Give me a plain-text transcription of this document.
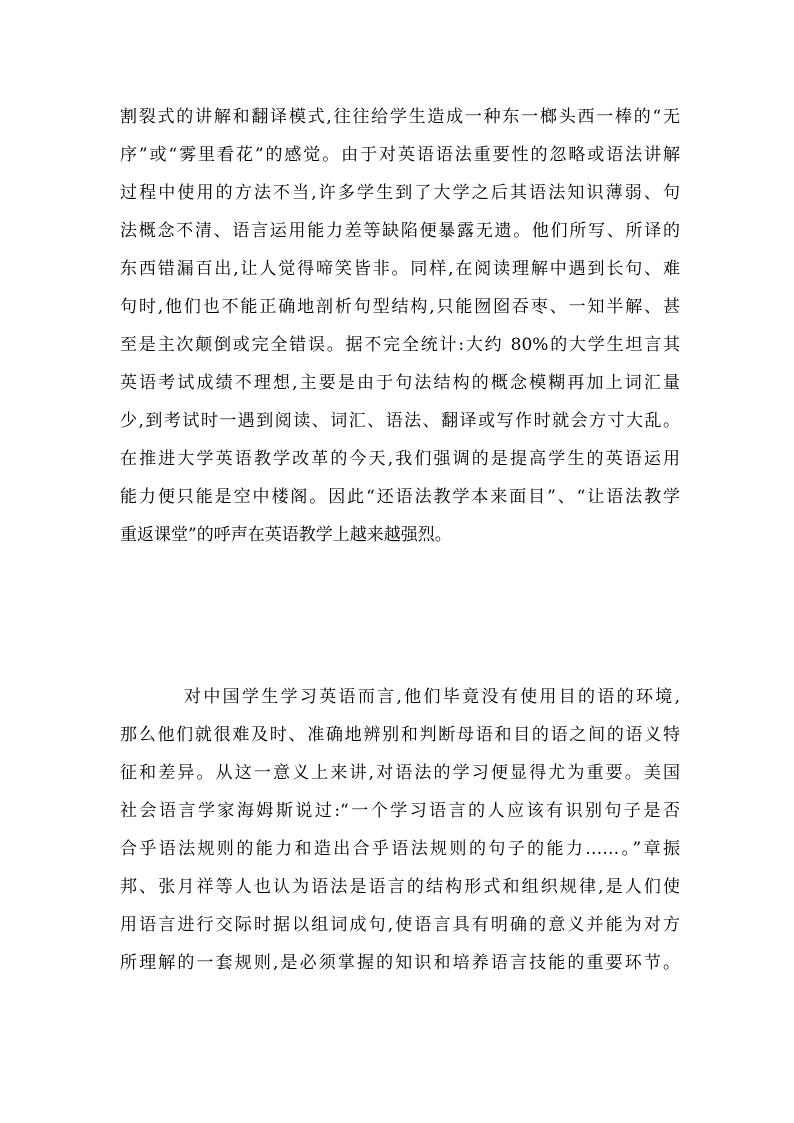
割裂式的讲解和翻译模式,往往给学生造成一种东一榔头西一棒的“无
序”或“雾里看花”的感觉。由于对英语语法重要性的忽略或语法讲解
过程中使用的方法不当,许多学生到了大学之后其语法知识薄弱、句
法概念不清、语言运用能力差等缺陷便暴露无遗。他们所写、所译的
东西错漏百出,让人觉得啼笑皆非。同样,在阅读理解中遇到长句、难
句时,他们也不能正确地剖析句型结构,只能囫囵吞枣、一知半解、甚
至是主次颠倒或完全错误。据不完全统计:大约 80%的大学生坦言其
英语考试成绩不理想,主要是由于句法结构的概念模糊再加上词汇量
少,到考试时一遇到阅读、词汇、语法、翻译或写作时就会方寸大乱。
在推进大学英语教学改革的今天,我们强调的是提高学生的英语运用
能力便只能是空中楼阁。因此“还语法教学本来面目”、“让语法教学
重返课堂”的呼声在英语教学上越来越强烈。
对中国学生学习英语而言,他们毕竟没有使用目的语的环境,
那么他们就很难及时、准确地辨别和判断母语和目的语之间的语义特
征和差异。从这一意义上来讲,对语法的学习便显得尤为重要。美国
社会语言学家海姆斯说过:“一个学习语言的人应该有识别句子是否
合乎语法规则的能力和造出合乎语法规则的句子的能力……。”章振
邦、张月祥等人也认为语法是语言的结构形式和组织规律,是人们使
用语言进行交际时据以组词成句,使语言具有明确的意义并能为对方
所理解的一套规则,是必须掌握的知识和培养语言技能的重要环节。
